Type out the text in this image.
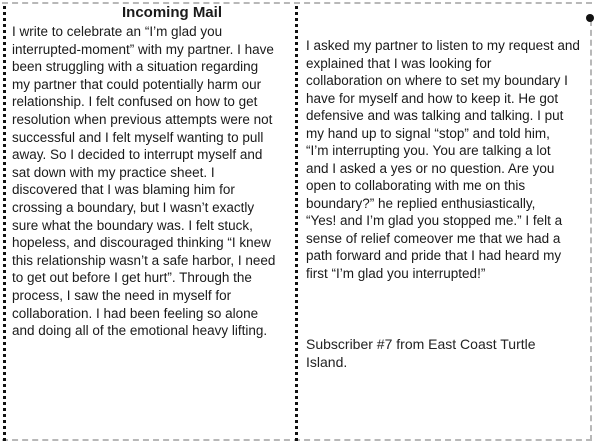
Incoming Mail

I write to celebrate an “I’m glad you
interrupted-moment” with my partner. I have
been struggling with a situation regarding
my partner that could potentially harm our
relationship. I felt confused on how to get
resolution when previous attempts were not
successful and I felt myself wanting to pull
away. So I decided to interrupt myself and
sat down with my practice sheet. I
discovered that I was blaming him for
crossing a boundary, but I wasn’t exactly
sure what the boundary was. I felt stuck,
hopeless, and discouraged thinking “I knew
this relationship wasn’t a safe harbor, I need
to get out before I get hurt”. Through the
process, I saw the need in myself for
collaboration. I had been feeling so alone
and doing all of the emotional heavy lifting.

I asked my partner to listen to my request and
explained that I was looking for
collaboration on where to set my boundary I
have for myself and how to keep it. He got
defensive and was talking and talking. I put
my hand up to signal “stop” and told him,
“I’m interrupting you. You are talking a lot
and I asked a yes or no question. Are you
open to collaborating with me on this
boundary?” he replied enthusiastically,
“Yes! and I’m glad you stopped me.” I felt a
sense of relief comeover me that we had a
path forward and pride that I had heard my
first “I’m glad you interrupted!”

Subscriber #7 from East Coast Turtle
Island.
